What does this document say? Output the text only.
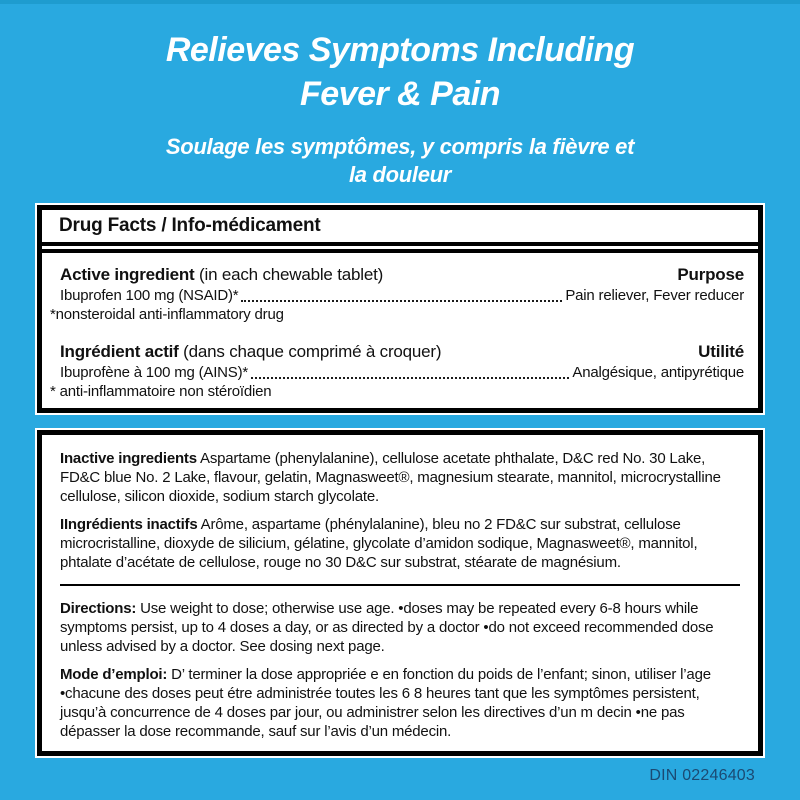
Relieves Symptoms Including
Fever & Pain
Soulage les symptômes, y compris la fièvre et
la douleur
Drug Facts / Info-médicament
Active ingredient (in each chewable tablet)	Purpose
Ibuprofen 100 mg (NSAID)*	Pain reliever, Fever reducer
*nonsteroidal anti-inflammatory drug
Ingrédient actif (dans chaque comprimé à croquer)	Utilité
Ibuprofène à 100 mg (AINS)*	Analgésique, antipyrétique
* anti-inflammatoire non stéroïdien

Inactive ingredients Aspartame (phenylalanine), cellulose acetate phthalate, D&C red No. 30 Lake, FD&C blue No. 2 Lake, flavour, gelatin, Magnasweet®, magnesium stearate, mannitol, microcrystalline cellulose, silicon dioxide, sodium starch glycolate.

IIngrédients inactifs Arôme, aspartame (phénylalanine), bleu no 2 FD&C sur substrat, cellulose microcristalline, dioxyde de silicium, gélatine, glycolate d’amidon sodique, Magnasweet®, mannitol, phtalate d’acétate de cellulose, rouge no 30 D&C sur substrat, stéarate de magnésium.

Directions: Use weight to dose; otherwise use age. •doses may be repeated every 6-8 hours while symptoms persist, up to 4 doses a day, or as directed by a doctor •do not exceed recommended dose unless advised by a doctor. See dosing next page.

Mode d’emploi: D’ terminer la dose appropriée e en fonction du poids de l’enfant; sinon, utiliser l’age •chacune des doses peut étre administrée toutes les 6 8 heures tant que les symptômes persistent, jusqu’à concurrence de 4 doses par jour, ou administrer selon les directives d’un m decin •ne pas dépasser la dose recommande, sauf sur l’avis d’un médecin.

DIN 02246403
